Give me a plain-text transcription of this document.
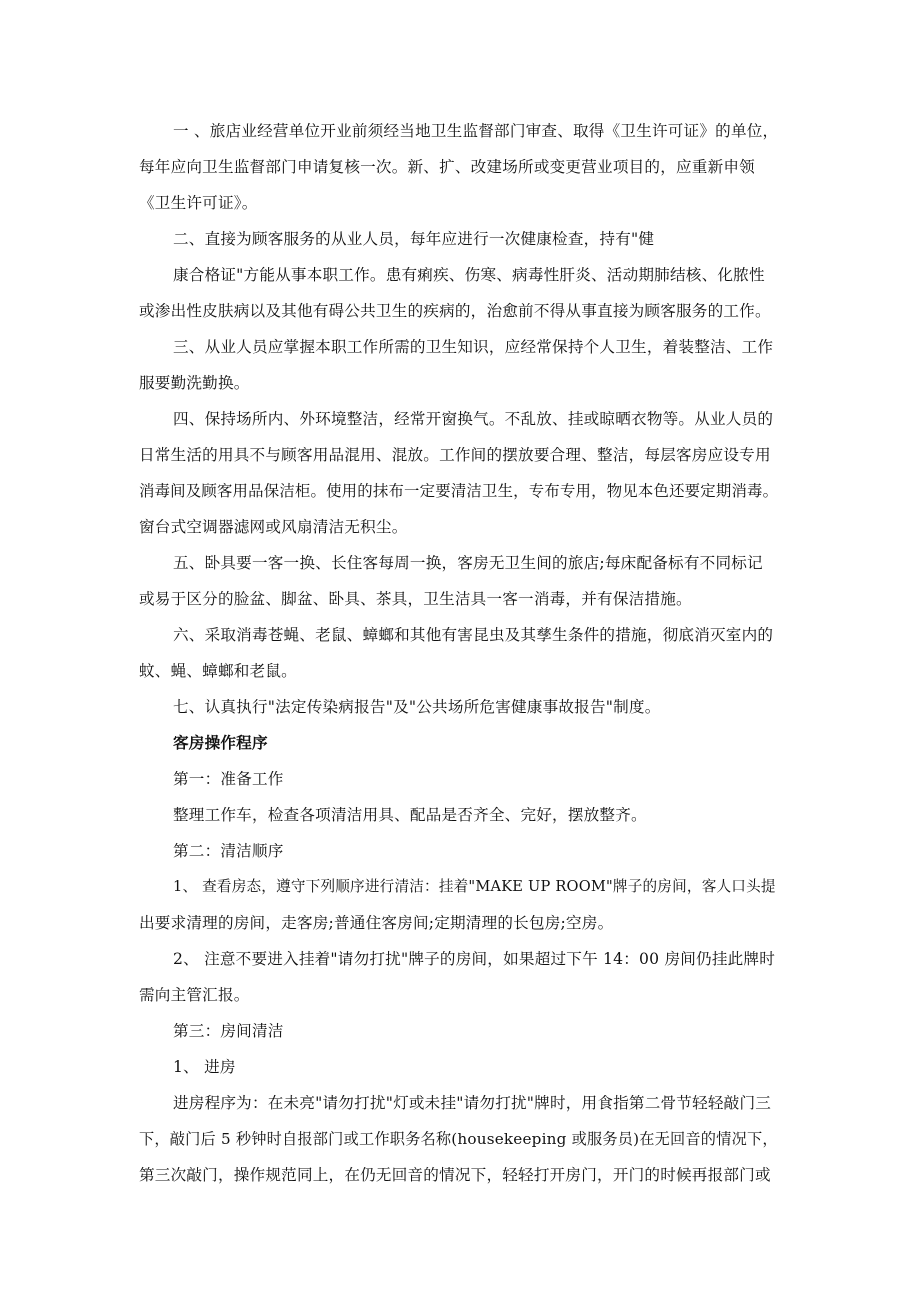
一 、旅店业经营单位开业前须经当地卫生监督部门审查、取得《卫生许可证》的单位，
每年应向卫生监督部门申请复核一次。新、扩、改建场所或变更营业项目的，应重新申领
《卫生许可证》。
二、直接为顾客服务的从业人员，每年应进行一次健康检查，持有"健
康合格证"方能从事本职工作。患有痢疾、伤寒、病毒性肝炎、活动期肺结核、化脓性
或渗出性皮肤病以及其他有碍公共卫生的疾病的，治愈前不得从事直接为顾客服务的工作。
三、从业人员应掌握本职工作所需的卫生知识，应经常保持个人卫生，着装整洁、工作
服要勤洗勤换。
四、保持场所内、外环境整洁，经常开窗换气。不乱放、挂或晾晒衣物等。从业人员的
日常生活的用具不与顾客用品混用、混放。工作间的摆放要合理、整洁，每层客房应设专用
消毒间及顾客用品保洁柜。使用的抹布一定要清洁卫生，专布专用，物见本色还要定期消毒。
窗台式空调器滤网或风扇清洁无积尘。
五、卧具要一客一换、长住客每周一换，客房无卫生间的旅店;每床配备标有不同标记
或易于区分的脸盆、脚盆、卧具、茶具，卫生洁具一客一消毒，并有保洁措施。
六、采取消毒苍蝇、老鼠、蟑螂和其他有害昆虫及其孳生条件的措施，彻底消灭室内的
蚊、蝇、蟑螂和老鼠。
七、认真执行"法定传染病报告"及"公共场所危害健康事故报告"制度。
客房操作程序
第一：准备工作
整理工作车，检查各项清洁用具、配品是否齐全、完好，摆放整齐。
第二：清洁顺序
1、 查看房态，遵守下列顺序进行清洁：挂着"MAKE UP ROOM"牌子的房间，客人口头提
出要求清理的房间，走客房;普通住客房间;定期清理的长包房;空房。
2、 注意不要进入挂着"请勿打扰"牌子的房间，如果超过下午 14：00 房间仍挂此牌时
需向主管汇报。
第三：房间清洁
1、 进房
进房程序为：在未亮"请勿打扰"灯或未挂"请勿打扰"牌时，用食指第二骨节轻轻敲门三
下，敲门后 5 秒钟时自报部门或工作职务名称(housekeeping 或服务员)在无回音的情况下，
第三次敲门，操作规范同上，在仍无回音的情况下，轻轻打开房门，开门的时候再报部门或
